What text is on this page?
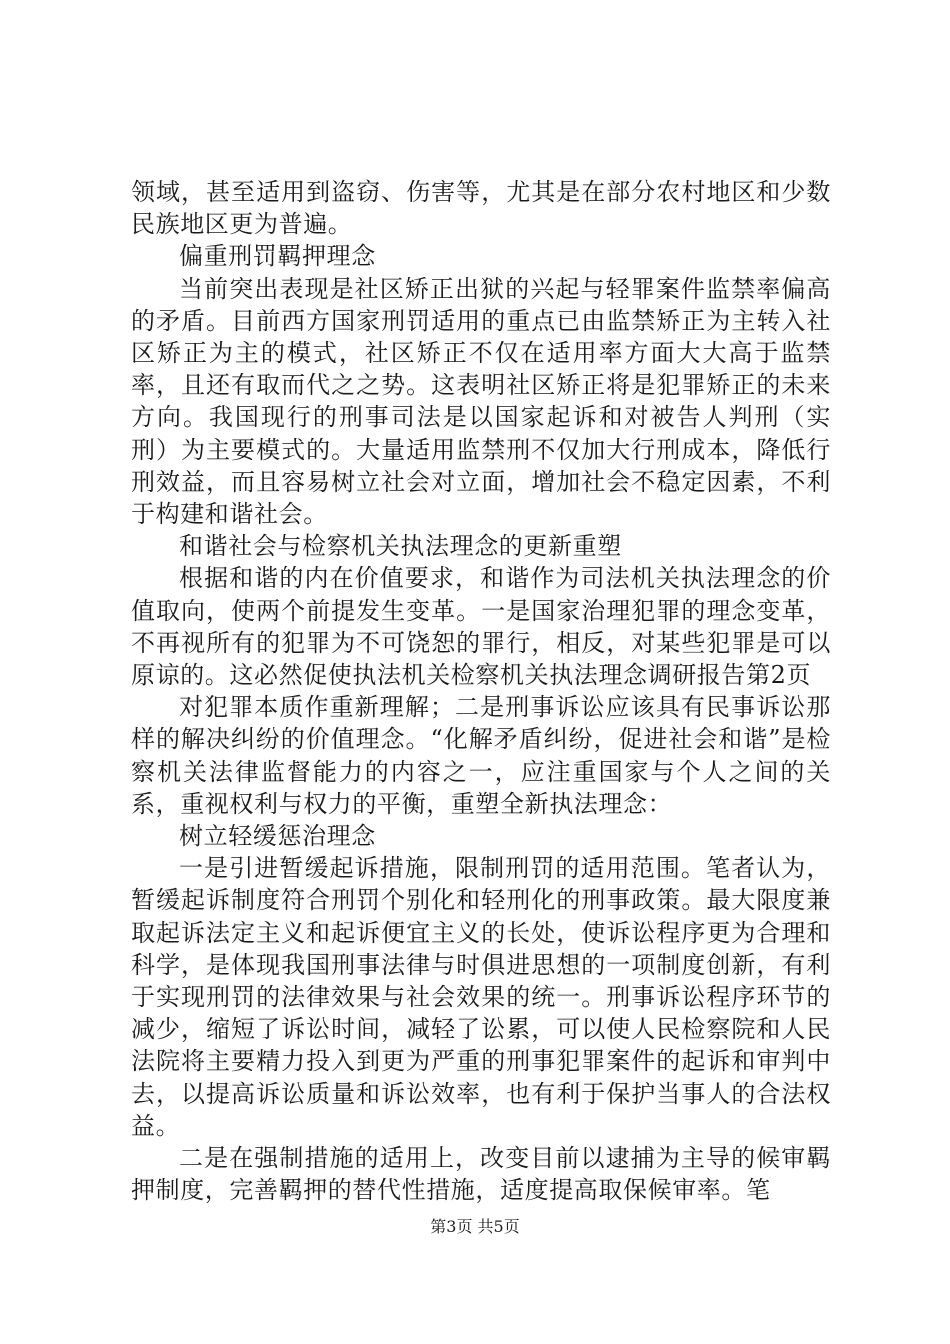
领域，甚至适用到盗窃、伤害等，尤其是在部分农村地区和少数民族地区更为普遍。

偏重刑罚羁押理念

当前突出表现是社区矫正出狱的兴起与轻罪案件监禁率偏高的矛盾。目前西方国家刑罚适用的重点已由监禁矫正为主转入社区矫正为主的模式，社区矫正不仅在适用率方面大大高于监禁率，且还有取而代之之势。这表明社区矫正将是犯罪矫正的未来方向。我国现行的刑事司法是以国家起诉和对被告人判刑（实刑）为主要模式的。大量适用监禁刑不仅加大行刑成本，降低行刑效益，而且容易树立社会对立面，增加社会不稳定因素，不利于构建和谐社会。

和谐社会与检察机关执法理念的更新重塑

根据和谐的内在价值要求，和谐作为司法机关执法理念的价值取向，使两个前提发生变革。一是国家治理犯罪的理念变革，不再视所有的犯罪为不可饶恕的罪行，相反，对某些犯罪是可以原谅的。这必然促使执法机关检察机关执法理念调研报告第2页

对犯罪本质作重新理解；二是刑事诉讼应该具有民事诉讼那样的解决纠纷的价值理念。“化解矛盾纠纷，促进社会和谐”是检察机关法律监督能力的内容之一，应注重国家与个人之间的关系，重视权利与权力的平衡，重塑全新执法理念：

树立轻缓惩治理念

一是引进暂缓起诉措施，限制刑罚的适用范围。笔者认为，暂缓起诉制度符合刑罚个别化和轻刑化的刑事政策。最大限度兼取起诉法定主义和起诉便宜主义的长处，使诉讼程序更为合理和科学，是体现我国刑事法律与时俱进思想的一项制度创新，有利于实现刑罚的法律效果与社会效果的统一。刑事诉讼程序环节的减少，缩短了诉讼时间，减轻了讼累，可以使人民检察院和人民法院将主要精力投入到更为严重的刑事犯罪案件的起诉和审判中去，以提高诉讼质量和诉讼效率，也有利于保护当事人的合法权益。

二是在强制措施的适用上，改变目前以逮捕为主导的候审羁押制度，完善羁押的替代性措施，适度提高取保候审率。笔

第3页 共5页
